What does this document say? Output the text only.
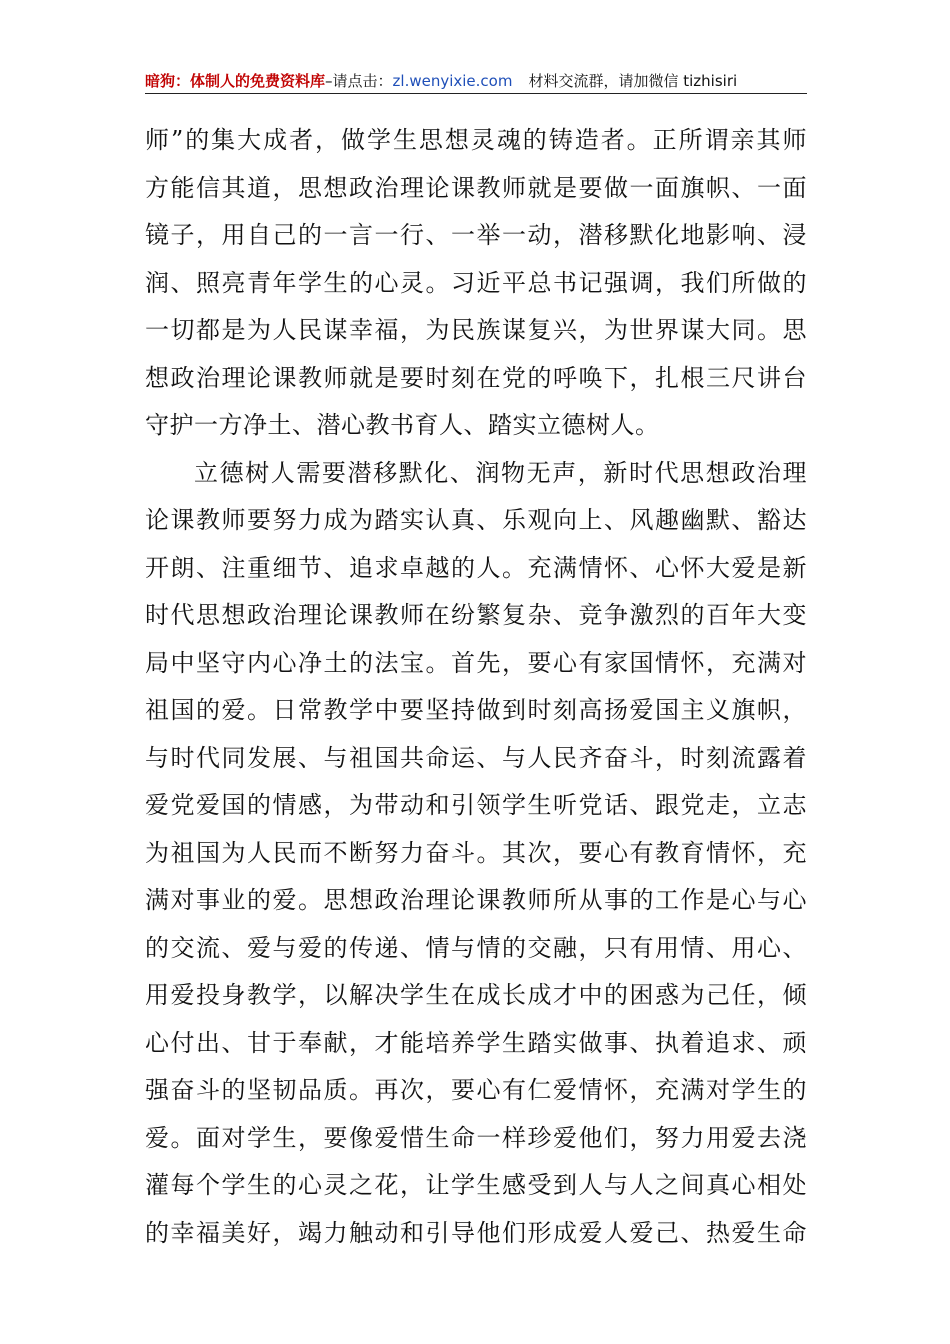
暗狗：体制人的免费资料库–请点击：zl.wenyixie.com 材料交流群，请加微信 tizhisiri
师”的集大成者，做学生思想灵魂的铸造者。正所谓亲其师
方能信其道，思想政治理论课教师就是要做一面旗帜、一面
镜子，用自己的一言一行、一举一动，潜移默化地影响、浸
润、照亮青年学生的心灵。习近平总书记强调，我们所做的
一切都是为人民谋幸福，为民族谋复兴，为世界谋大同。思
想政治理论课教师就是要时刻在党的呼唤下，扎根三尺讲台
守护一方净土、潜心教书育人、踏实立德树人。
立德树人需要潜移默化、润物无声，新时代思想政治理
论课教师要努力成为踏实认真、乐观向上、风趣幽默、豁达
开朗、注重细节、追求卓越的人。充满情怀、心怀大爱是新
时代思想政治理论课教师在纷繁复杂、竞争激烈的百年大变
局中坚守内心净土的法宝。首先，要心有家国情怀，充满对
祖国的爱。日常教学中要坚持做到时刻高扬爱国主义旗帜，
与时代同发展、与祖国共命运、与人民齐奋斗，时刻流露着
爱党爱国的情感，为带动和引领学生听党话、跟党走，立志
为祖国为人民而不断努力奋斗。其次，要心有教育情怀，充
满对事业的爱。思想政治理论课教师所从事的工作是心与心
的交流、爱与爱的传递、情与情的交融，只有用情、用心、
用爱投身教学，以解决学生在成长成才中的困惑为己任，倾
心付出、甘于奉献，才能培养学生踏实做事、执着追求、顽
强奋斗的坚韧品质。再次，要心有仁爱情怀，充满对学生的
爱。面对学生，要像爱惜生命一样珍爱他们，努力用爱去浇
灌每个学生的心灵之花，让学生感受到人与人之间真心相处
的幸福美好，竭力触动和引导他们形成爱人爱己、热爱生命
